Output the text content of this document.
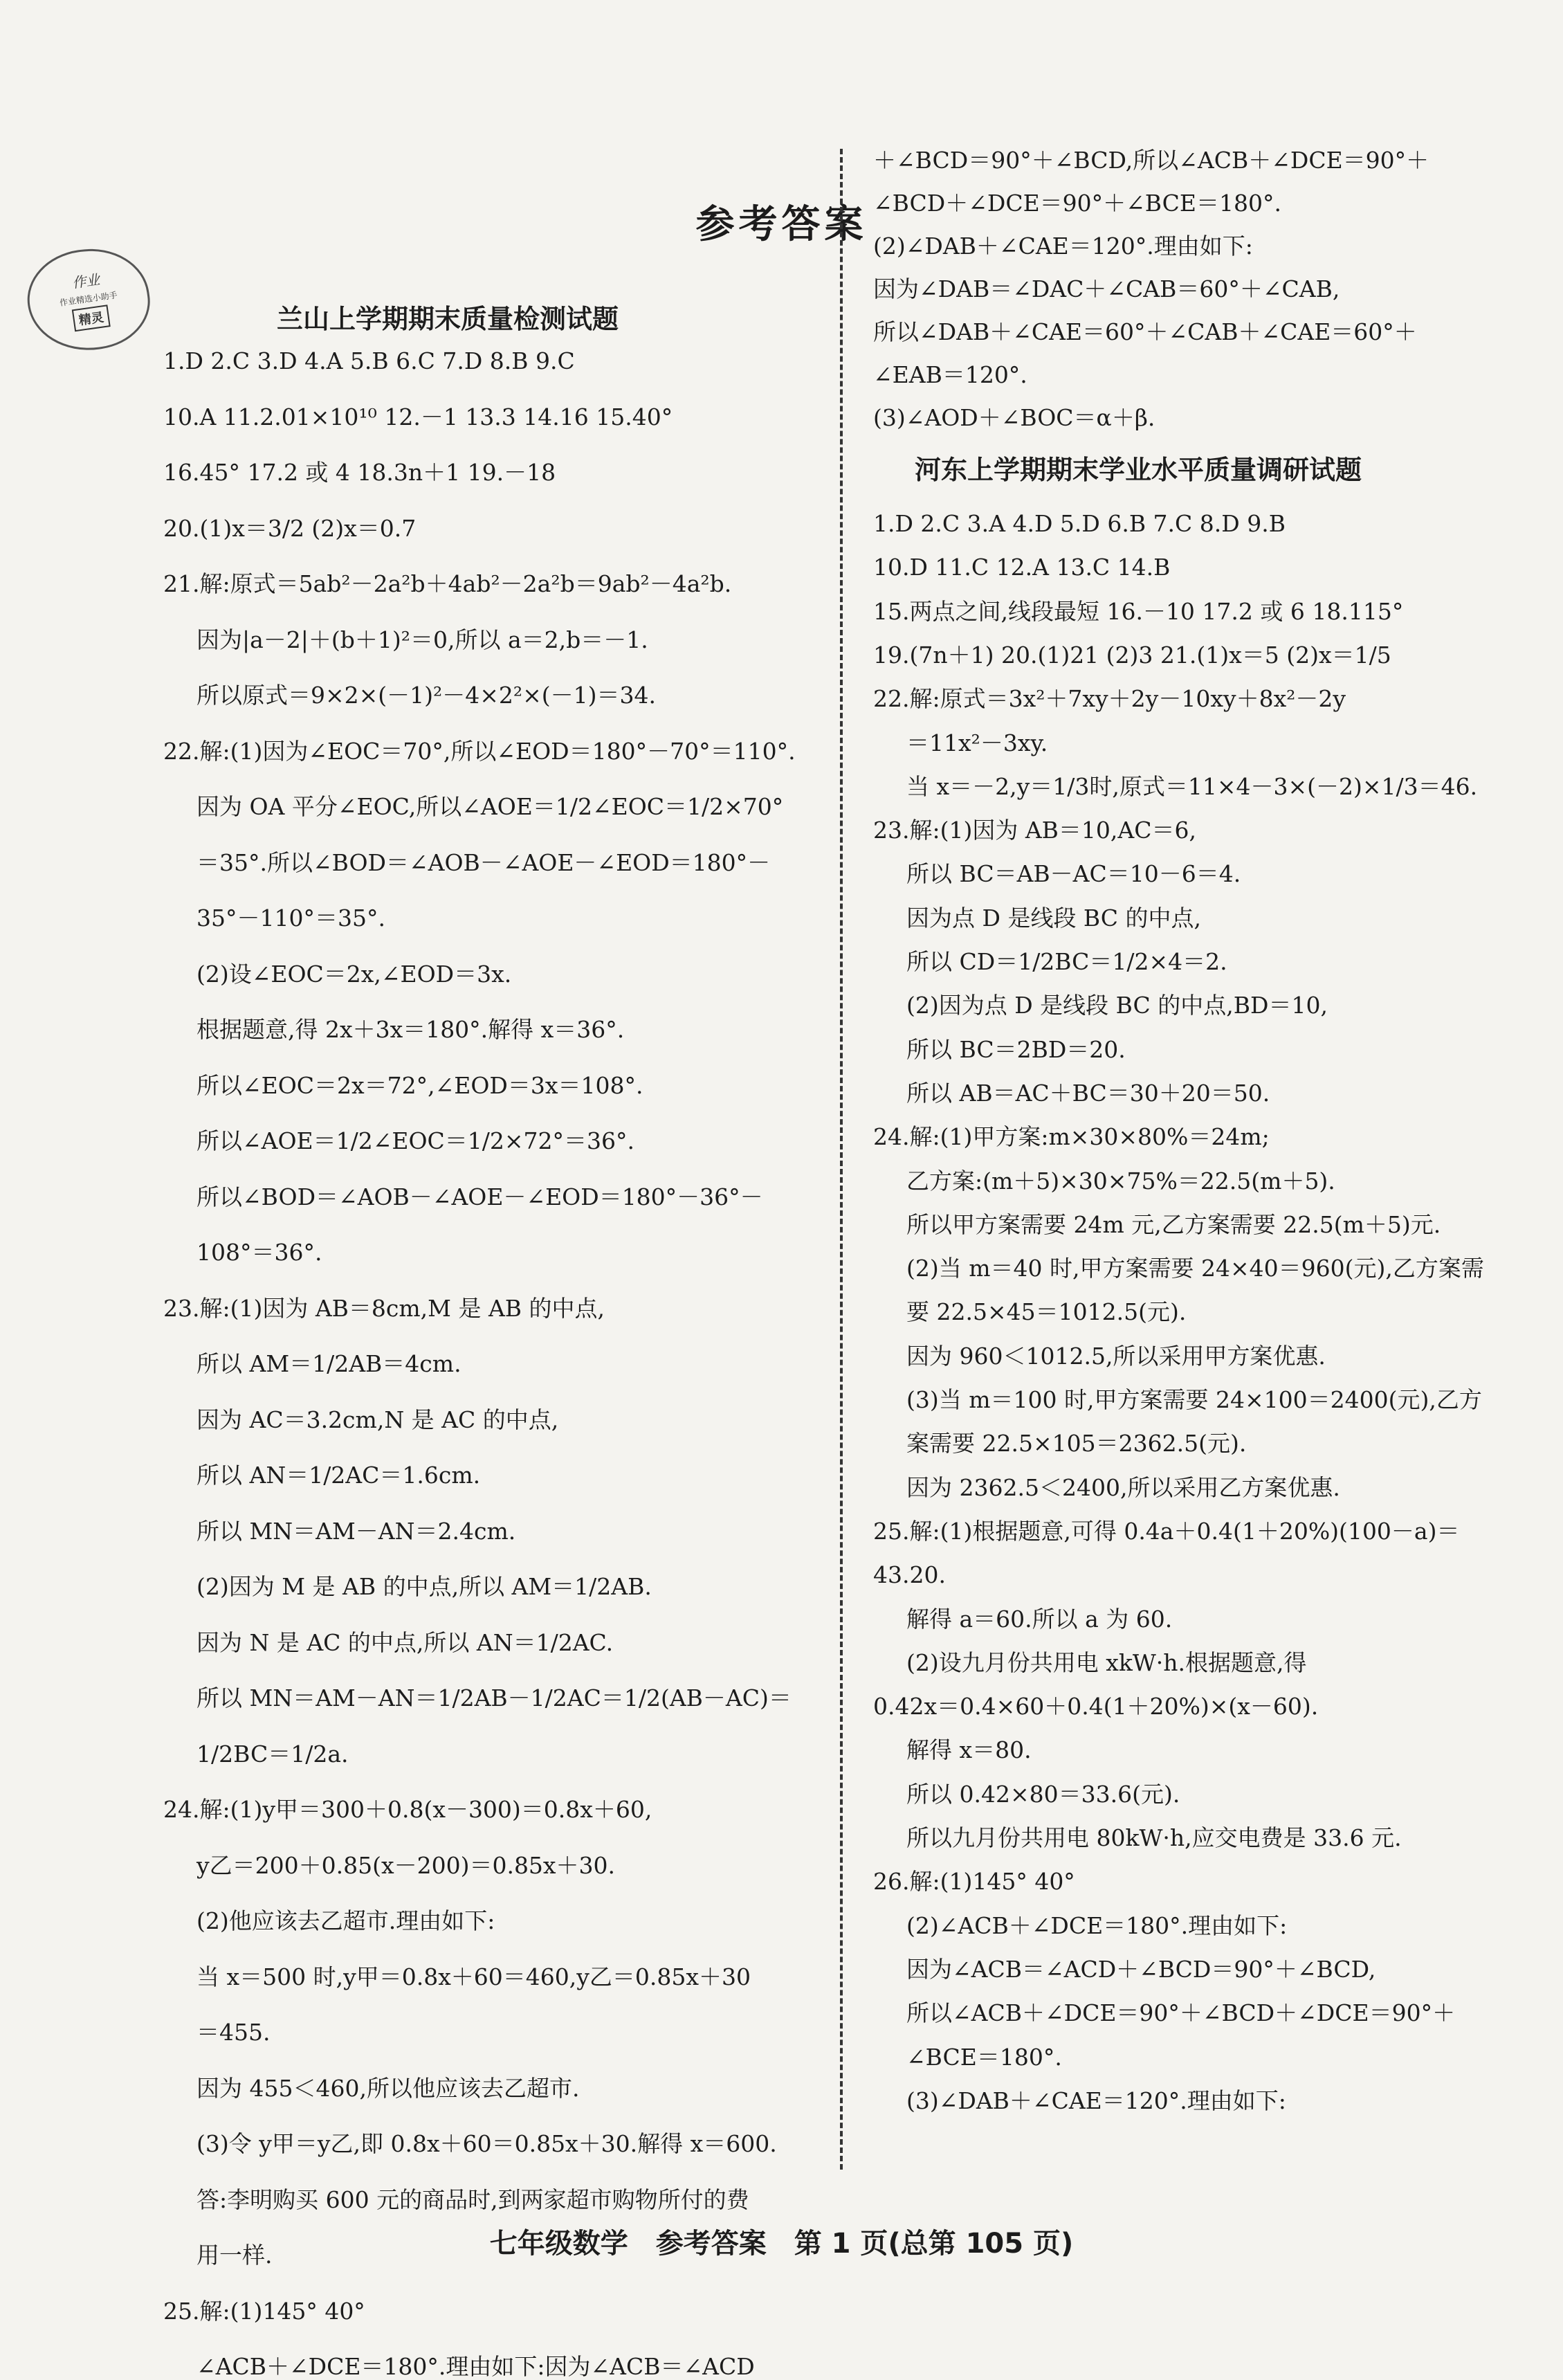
参考答案
作业
作业精选小助手
精灵	兰山上学期期末质量检测试题
1.D 2.C 3.D 4.A 5.B 6.C 7.D 8.B 9.C
10.A 11.2.01×10¹⁰ 12.－1 13.3 14.16 15.40°
16.45° 17.2 或 4 18.3n＋1 19.－18
20.(1)x＝3/2 (2)x＝0.7
21.解:原式＝5ab²－2a²b＋4ab²－2a²b＝9ab²－4a²b.
因为|a－2|＋(b＋1)²＝0,所以 a＝2,b＝－1.
所以原式＝9×2×(－1)²－4×2²×(－1)＝34.
22.解:(1)因为∠EOC＝70°,所以∠EOD＝180°－70°＝110°.
因为 OA 平分∠EOC,所以∠AOE＝1/2∠EOC＝1/2×70°
＝35°.所以∠BOD＝∠AOB－∠AOE－∠EOD＝180°－
35°－110°＝35°.
(2)设∠EOC＝2x,∠EOD＝3x.
根据题意,得 2x＋3x＝180°.解得 x＝36°.
所以∠EOC＝2x＝72°,∠EOD＝3x＝108°.
所以∠AOE＝1/2∠EOC＝1/2×72°＝36°.
所以∠BOD＝∠AOB－∠AOE－∠EOD＝180°－36°－
108°＝36°.
23.解:(1)因为 AB＝8cm,M 是 AB 的中点,
所以 AM＝1/2AB＝4cm.
因为 AC＝3.2cm,N 是 AC 的中点,
所以 AN＝1/2AC＝1.6cm.
所以 MN＝AM－AN＝2.4cm.
(2)因为 M 是 AB 的中点,所以 AM＝1/2AB.
因为 N 是 AC 的中点,所以 AN＝1/2AC.
所以 MN＝AM－AN＝1/2AB－1/2AC＝1/2(AB－AC)＝
1/2BC＝1/2a.
24.解:(1)y甲＝300＋0.8(x－300)＝0.8x＋60,
y乙＝200＋0.85(x－200)＝0.85x＋30.
(2)他应该去乙超市.理由如下:
当 x＝500 时,y甲＝0.8x＋60＝460,y乙＝0.85x＋30
＝455.
因为 455＜460,所以他应该去乙超市.
(3)令 y甲＝y乙,即 0.8x＋60＝0.85x＋30.解得 x＝600.
答:李明购买 600 元的商品时,到两家超市购物所付的费
用一样.
25.解:(1)145° 40°
∠ACB＋∠DCE＝180°.理由如下:因为∠ACB＝∠ACD
＋∠BCD＝90°＋∠BCD,所以∠ACB＋∠DCE＝90°＋
∠BCD＋∠DCE＝90°＋∠BCE＝180°.
(2)∠DAB＋∠CAE＝120°.理由如下:
因为∠DAB＝∠DAC＋∠CAB＝60°＋∠CAB,
所以∠DAB＋∠CAE＝60°＋∠CAB＋∠CAE＝60°＋
∠EAB＝120°.
(3)∠AOD＋∠BOC＝α＋β.
河东上学期期末学业水平质量调研试题
1.D 2.C 3.A 4.D 5.D 6.B 7.C 8.D 9.B
10.D 11.C 12.A 13.C 14.B
15.两点之间,线段最短 16.－10 17.2 或 6 18.115°
19.(7n＋1) 20.(1)21 (2)3 21.(1)x＝5 (2)x＝1/5
22.解:原式＝3x²＋7xy＋2y－10xy＋8x²－2y
＝11x²－3xy.
当 x＝－2,y＝1/3时,原式＝11×4－3×(－2)×1/3＝46.
23.解:(1)因为 AB＝10,AC＝6,
所以 BC＝AB－AC＝10－6＝4.
因为点 D 是线段 BC 的中点,
所以 CD＝1/2BC＝1/2×4＝2.
(2)因为点 D 是线段 BC 的中点,BD＝10,
所以 BC＝2BD＝20.
所以 AB＝AC＋BC＝30＋20＝50.
24.解:(1)甲方案:m×30×80%＝24m;
乙方案:(m＋5)×30×75%＝22.5(m＋5).
所以甲方案需要 24m 元,乙方案需要 22.5(m＋5)元.
(2)当 m＝40 时,甲方案需要 24×40＝960(元),乙方案需
要 22.5×45＝1012.5(元).
因为 960＜1012.5,所以采用甲方案优惠.
(3)当 m＝100 时,甲方案需要 24×100＝2400(元),乙方
案需要 22.5×105＝2362.5(元).
因为 2362.5＜2400,所以采用乙方案优惠.
25.解:(1)根据题意,可得 0.4a＋0.4(1＋20%)(100－a)＝
43.20.
解得 a＝60.所以 a 为 60.
(2)设九月份共用电 xkW·h.根据题意,得
0.42x＝0.4×60＋0.4(1＋20%)×(x－60).
解得 x＝80.
所以 0.42×80＝33.6(元).
所以九月份共用电 80kW·h,应交电费是 33.6 元.
26.解:(1)145° 40°
(2)∠ACB＋∠DCE＝180°.理由如下:
因为∠ACB＝∠ACD＋∠BCD＝90°＋∠BCD,
所以∠ACB＋∠DCE＝90°＋∠BCD＋∠DCE＝90°＋
∠BCE＝180°.
(3)∠DAB＋∠CAE＝120°.理由如下:
七年级数学　参考答案　第 1 页(总第 105 页)
